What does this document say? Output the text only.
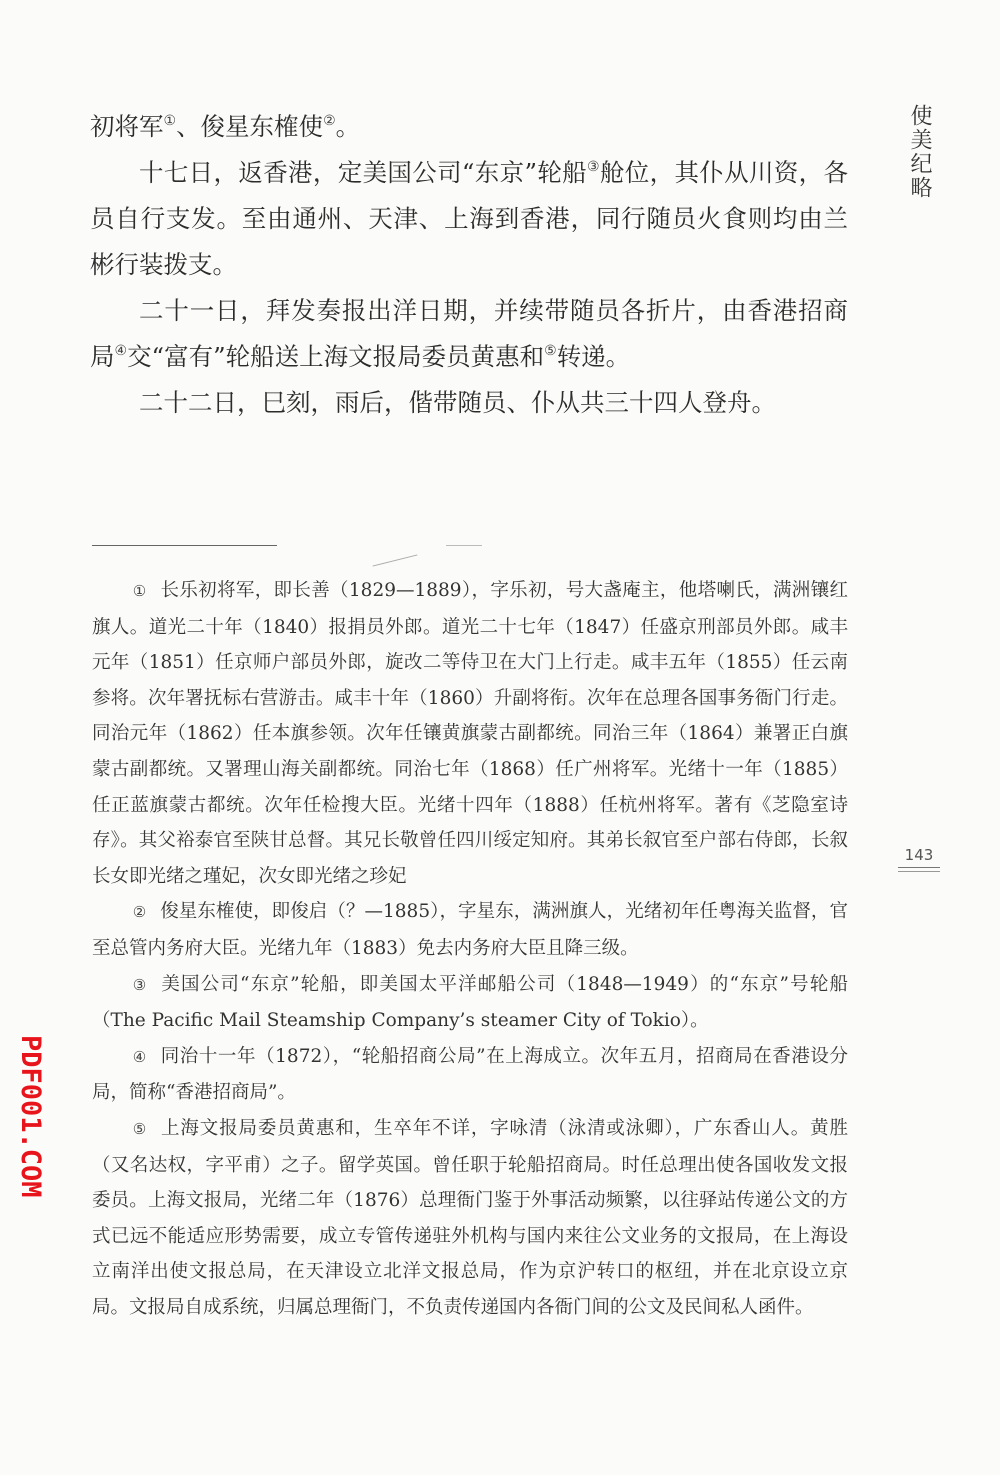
使美纪略

初将军①、俊星东榷使②。

十七日，返香港，定美国公司“东京”轮船③舱位，其仆从川资，各员自行支发。至由通州、天津、上海到香港，同行随员火食则均由兰彬行装拨支。

二十一日，拜发奏报出洋日期，并续带随员各折片，由香港招商局④交“富有”轮船送上海文报局委员黄惠和⑤转递。

二十二日，巳刻，雨后，偕带随员、仆从共三十四人登舟。

① 长乐初将军，即长善（1829—1889），字乐初，号大盏庵主，他塔喇氏，满洲镶红旗人。道光二十年（1840）报捐员外郎。道光二十七年（1847）任盛京刑部员外郎。咸丰元年（1851）任京师户部员外郎，旋改二等侍卫在大门上行走。咸丰五年（1855）任云南参将。次年署抚标右营游击。咸丰十年（1860）升副将衔。次年在总理各国事务衙门行走。同治元年（1862）任本旗参领。次年任镶黄旗蒙古副都统。同治三年（1864）兼署正白旗蒙古副都统。又署理山海关副都统。同治七年（1868）任广州将军。光绪十一年（1885）任正蓝旗蒙古都统。次年任检搜大臣。光绪十四年（1888）任杭州将军。著有《芝隐室诗存》。其父裕泰官至陕甘总督。其兄长敬曾任四川绥定知府。其弟长叙官至户部右侍郎，长叙长女即光绪之瑾妃，次女即光绪之珍妃

② 俊星东榷使，即俊启（？—1885），字星东，满洲旗人，光绪初年任粤海关监督，官至总管内务府大臣。光绪九年（1883）免去内务府大臣且降三级。

③ 美国公司“东京”轮船，即美国太平洋邮船公司（1848—1949）的“东京”号轮船（The Pacific Mail Steamship Company’s steamer City of Tokio）。

④ 同治十一年（1872），“轮船招商公局”在上海成立。次年五月，招商局在香港设分局，简称“香港招商局”。

⑤ 上海文报局委员黄惠和，生卒年不详，字咏清（泳清或泳卿），广东香山人。黄胜（又名达权，字平甫）之子。留学英国。曾任职于轮船招商局。时任总理出使各国收发文报委员。上海文报局，光绪二年（1876）总理衙门鉴于外事活动频繁，以往驿站传递公文的方式已远不能适应形势需要，成立专管传递驻外机构与国内来往公文业务的文报局，在上海设立南洋出使文报总局，在天津设立北洋文报总局，作为京沪转口的枢纽，并在北京设立京局。文报局自成系统，归属总理衙门，不负责传递国内各衙门间的公文及民间私人函件。

143
PDF001.COM
